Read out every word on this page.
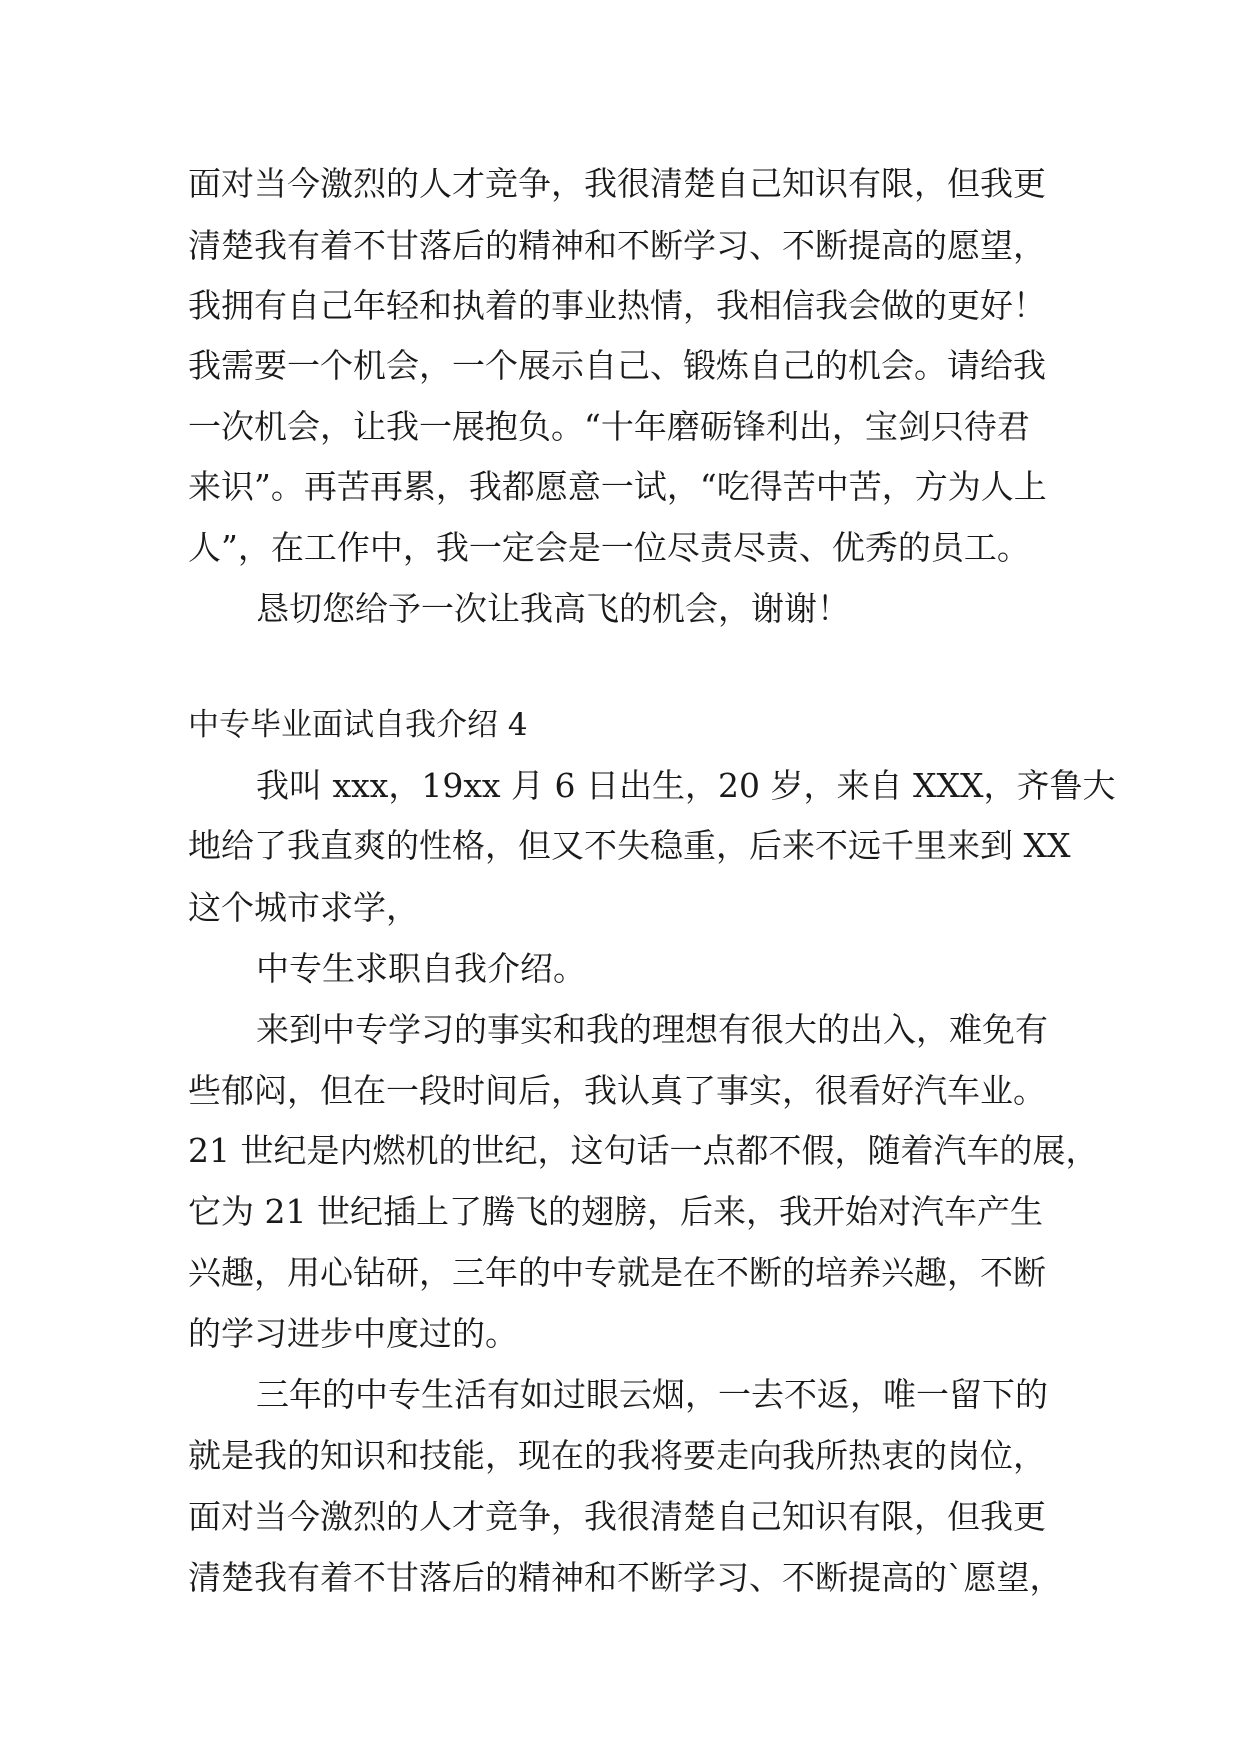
面对当今激烈的人才竞争，我很清楚自己知识有限，但我更
清楚我有着不甘落后的精神和不断学习、不断提高的愿望，
我拥有自己年轻和执着的事业热情，我相信我会做的更好！
我需要一个机会，一个展示自己、锻炼自己的机会。请给我
一次机会，让我一展抱负。“十年磨砺锋利出，宝剑只待君
来识”。再苦再累，我都愿意一试，“吃得苦中苦，方为人上
人”，在工作中，我一定会是一位尽责尽责、优秀的员工。
恳切您给予一次让我高飞的机会，谢谢！
中专毕业面试自我介绍 4
我叫 xxx，19xx 月 6 日出生，20 岁，来自 XXX，齐鲁大
地给了我直爽的性格，但又不失稳重，后来不远千里来到 XX
这个城市求学，
中专生求职自我介绍。
来到中专学习的事实和我的理想有很大的出入，难免有
些郁闷，但在一段时间后，我认真了事实，很看好汽车业。
21 世纪是内燃机的世纪，这句话一点都不假，随着汽车的展，
它为 21 世纪插上了腾飞的翅膀，后来，我开始对汽车产生
兴趣，用心钻研，三年的中专就是在不断的培养兴趣，不断
的学习进步中度过的。
三年的中专生活有如过眼云烟，一去不返，唯一留下的
就是我的知识和技能，现在的我将要走向我所热衷的岗位，
面对当今激烈的人才竞争，我很清楚自己知识有限，但我更
清楚我有着不甘落后的精神和不断学习、不断提高的`愿望，
